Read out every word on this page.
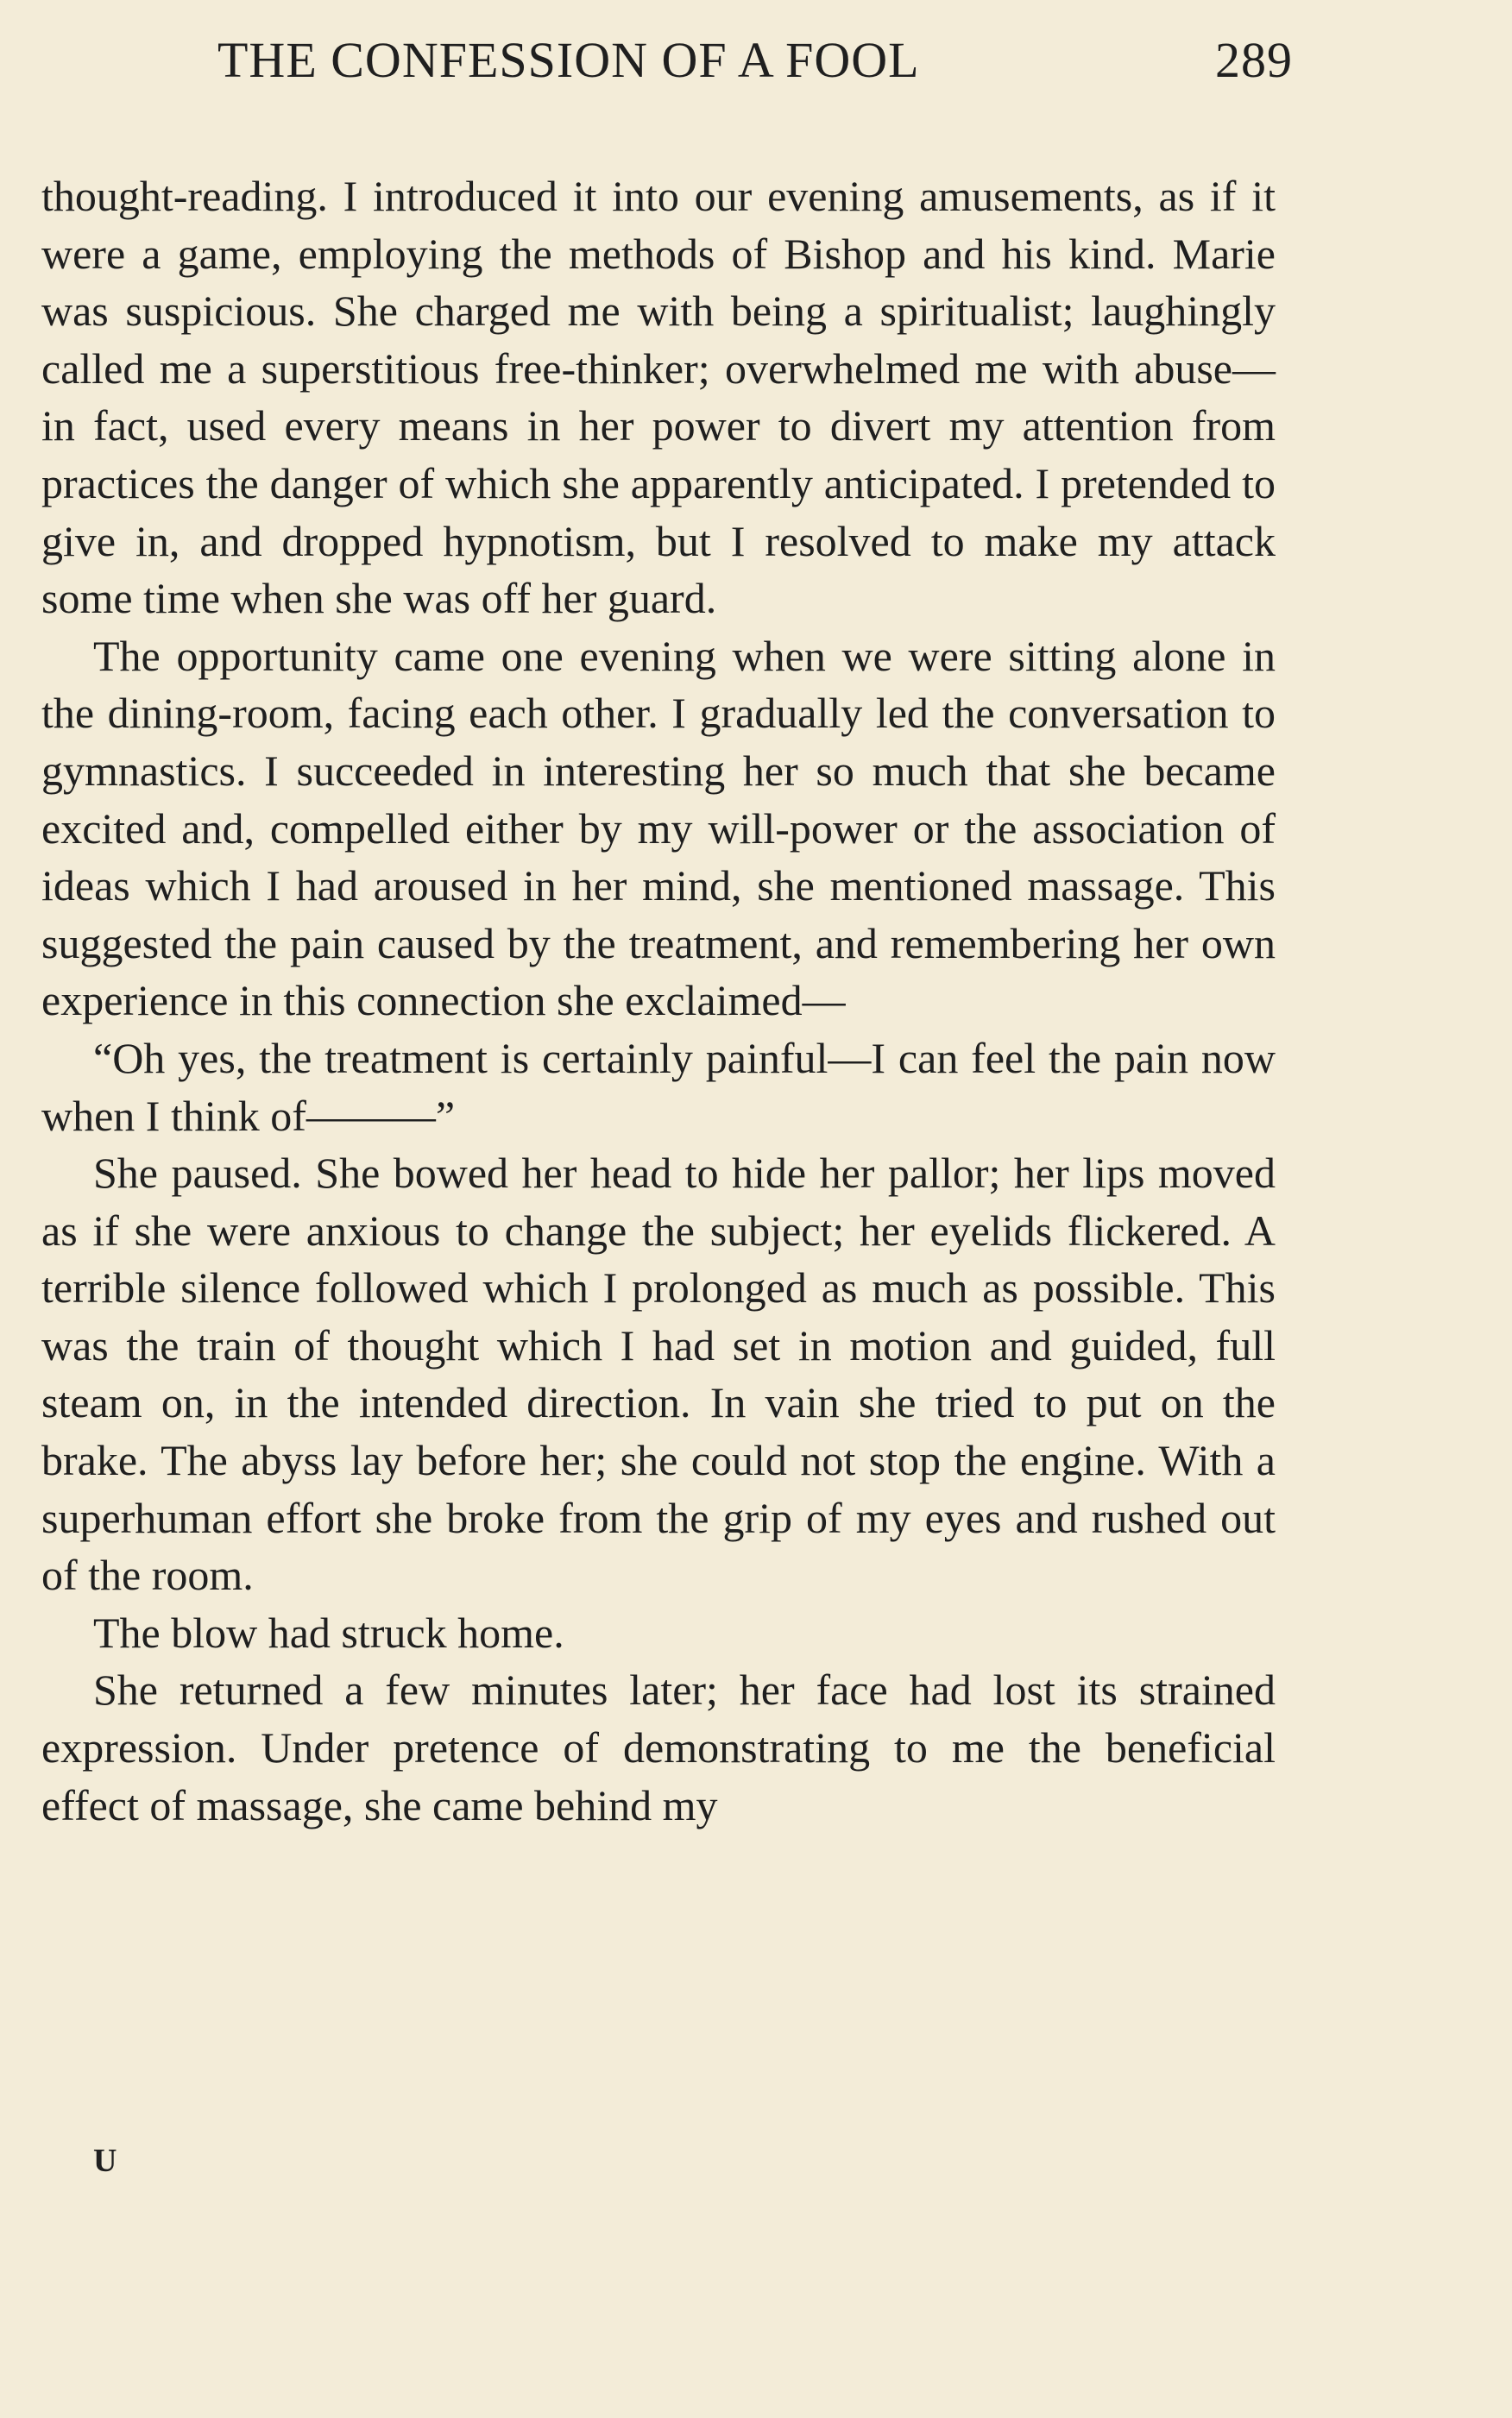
THE CONFESSION OF A FOOL	289

thought-reading. I introduced it into our evening amusements, as if it were a game, employing the methods of Bishop and his kind. Marie was suspicious. She charged me with being a spiritualist; laughingly called me a superstitious free-thinker; overwhelmed me with abuse—in fact, used every means in her power to divert my attention from practices the danger of which she apparently anticipated. I pretended to give in, and dropped hypnotism, but I resolved to make my attack some time when she was off her guard.

The opportunity came one evening when we were sitting alone in the dining-room, facing each other. I gradually led the conversation to gymnastics. I succeeded in interesting her so much that she became excited and, compelled either by my will-power or the association of ideas which I had aroused in her mind, she mentioned massage. This suggested the pain caused by the treatment, and remembering her own experience in this connection she exclaimed—

“Oh yes, the treatment is certainly painful—I can feel the pain now when I think of———”

She paused. She bowed her head to hide her pallor; her lips moved as if she were anxious to change the subject; her eyelids flickered. A terrible silence followed which I prolonged as much as possible. This was the train of thought which I had set in motion and guided, full steam on, in the intended direction. In vain she tried to put on the brake. The abyss lay before her; she could not stop the engine. With a superhuman effort she broke from the grip of my eyes and rushed out of the room.

The blow had struck home.

She returned a few minutes later; her face had lost its strained expression. Under pretence of demonstrating to me the beneficial effect of massage, she came behind my

U
